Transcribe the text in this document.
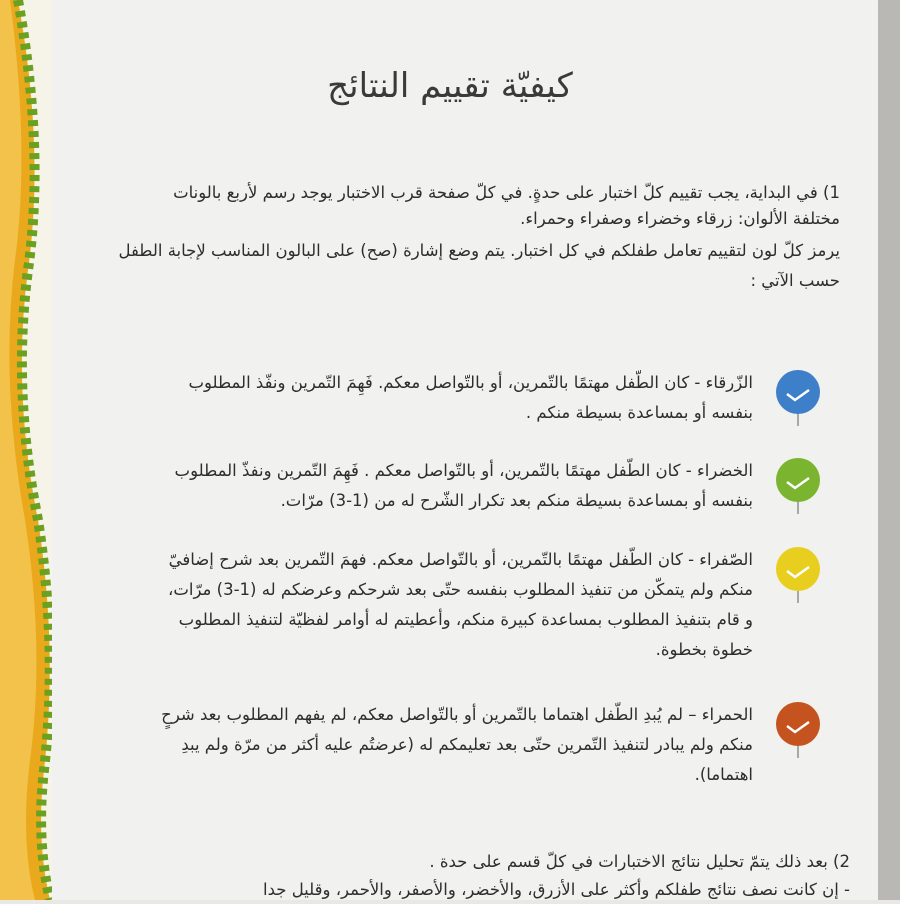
كيفيّة تقييم النتائج
1) في البداية، يجب تقييم كلّ اختبار على حدةٍ. في كلّ صفحة قرب الاختبار يوجد رسم لأربع بالونات
مختلفة الألوان: زرقاء وخضراء وصفراء وحمراء.
يرمز كلّ لون لتقييم تعامل طفلكم في كل اختبار. يتم وضع إشارة (صح) على البالون المناسب لإجابة الطفل
حسب الآتي :
الزّرقاء - كان الطّفل مهتمًا بالتّمرين، أو بالتّواصل معكم. فَهِمَ التّمرين ونفّذ المطلوب
بنفسه أو بمساعدة بسيطة منكم .
الخضراء - كان الطّفل مهتمًا بالتّمرين، أو بالتّواصل معكم . فَهِمَ التّمرين ونفذّ المطلوب
بنفسه أو بمساعدة بسيطة منكم بعد تكرار الشّرح له من (1-3) مرّات.
الصّفراء - كان الطّفل مهتمًا بالتّمرين، أو بالتّواصل معكم. فهمَ التّمرين بعد شرح إضافيّ
منكم ولم يتمكّن من تنفيذ المطلوب بنفسه حتّى بعد شرحكم وعرضكم له (1-3) مرّات،
و قام بتنفيذ المطلوب بمساعدة كبيرة منكم، وأعطيتم له أوامر لفظيّة لتنفيذ المطلوب
خطوة بخطوة.
الحمراء – لم يُبدِ الطّفل اهتماما بالتّمرين أو بالتّواصل معكم، لم يفهم المطلوب بعد شرحٍ
منكم ولم يبادر لتنفيذ التّمرين حتّى بعد تعليمكم له (عرضتُم عليه أكثر من مرّة ولم يبدِ
اهتماما).
2) بعد ذلك يتمّ تحليل نتائج الاختبارات في كلّ قسم على حدة .
- إن كانت نصف نتائج طفلكم وأكثر على الأزرق، والأخضر، والأصفر، والأحمر، وقليل جدا
